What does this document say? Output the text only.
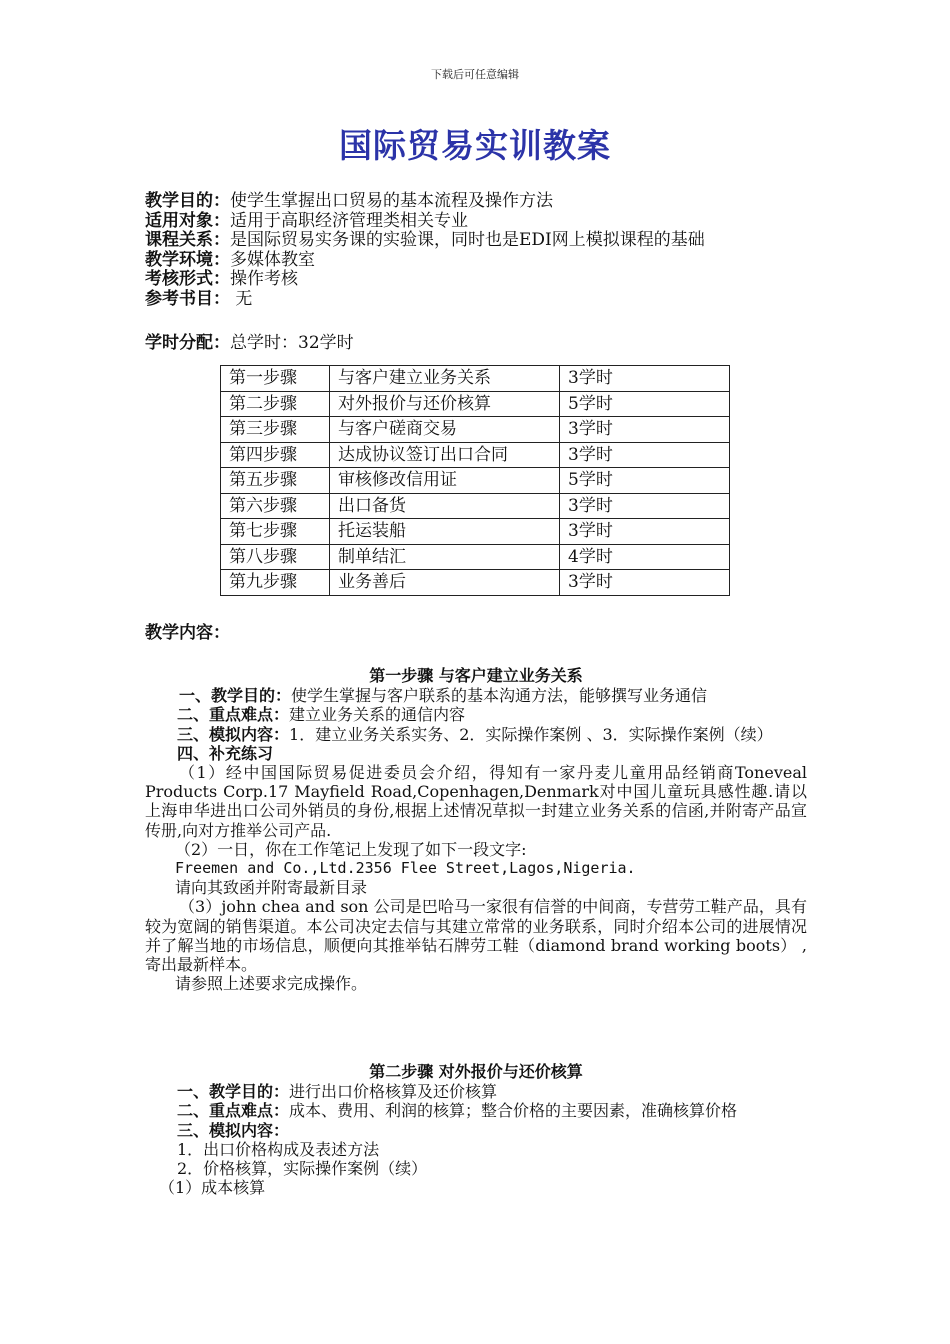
下载后可任意编辑
国际贸易实训教案
教学目的：使学生掌握出口贸易的基本流程及操作方法
适用对象：适用于高职经济管理类相关专业
课程关系：是国际贸易实务课的实验课，同时也是EDI网上模拟课程的基础
教学环境：多媒体教室
考核形式：操作考核
参考书目： 无
学时分配：总学时：32学时
第一步骤	与客户建立业务关系	3学时
第二步骤	对外报价与还价核算	5学时
第三步骤	与客户磋商交易	3学时
第四步骤	达成协议签订出口合同	3学时
第五步骤	审核修改信用证	5学时
第六步骤	出口备货	3学时
第七步骤	托运装船	3学时
第八步骤	制单结汇	4学时
第九步骤	业务善后	3学时
教学内容：
第一步骤 与客户建立业务关系
一、教学目的：使学生掌握与客户联系的基本沟通方法，能够撰写业务通信
二、重点难点：建立业务关系的通信内容
三、模拟内容：1．建立业务关系实务、2．实际操作案例 、3．实际操作案例（续）
四、补充练习
（1）经中国国际贸易促进委员会介绍，得知有一家丹麦儿童用品经销商Toneveal Products Corp.17 Mayfield Road,Copenhagen,Denmark对中国儿童玩具感性趣.请以上海申华进出口公司外销员的身份,根据上述情况草拟一封建立业务关系的信函,并附寄产品宣传册,向对方推举公司产品.
（2）一日，你在工作笔记上发现了如下一段文字:
Freemen and Co.,Ltd.2356 Flee Street,Lagos,Nigeria.
请向其致函并附寄最新目录
（3）john chea and son 公司是巴哈马一家很有信誉的中间商，专营劳工鞋产品，具有较为宽阔的销售渠道。本公司决定去信与其建立常常的业务联系，同时介绍本公司的进展情况并了解当地的市场信息，顺便向其推举钻石牌劳工鞋（diamond brand working boots） ,寄出最新样本。
请参照上述要求完成操作。
第二步骤 对外报价与还价核算
一、教学目的：进行出口价格核算及还价核算
二、重点难点：成本、费用、利润的核算；整合价格的主要因素，准确核算价格
三、模拟内容：
1．出口价格构成及表述方法
2．价格核算，实际操作案例（续）
（1）成本核算
